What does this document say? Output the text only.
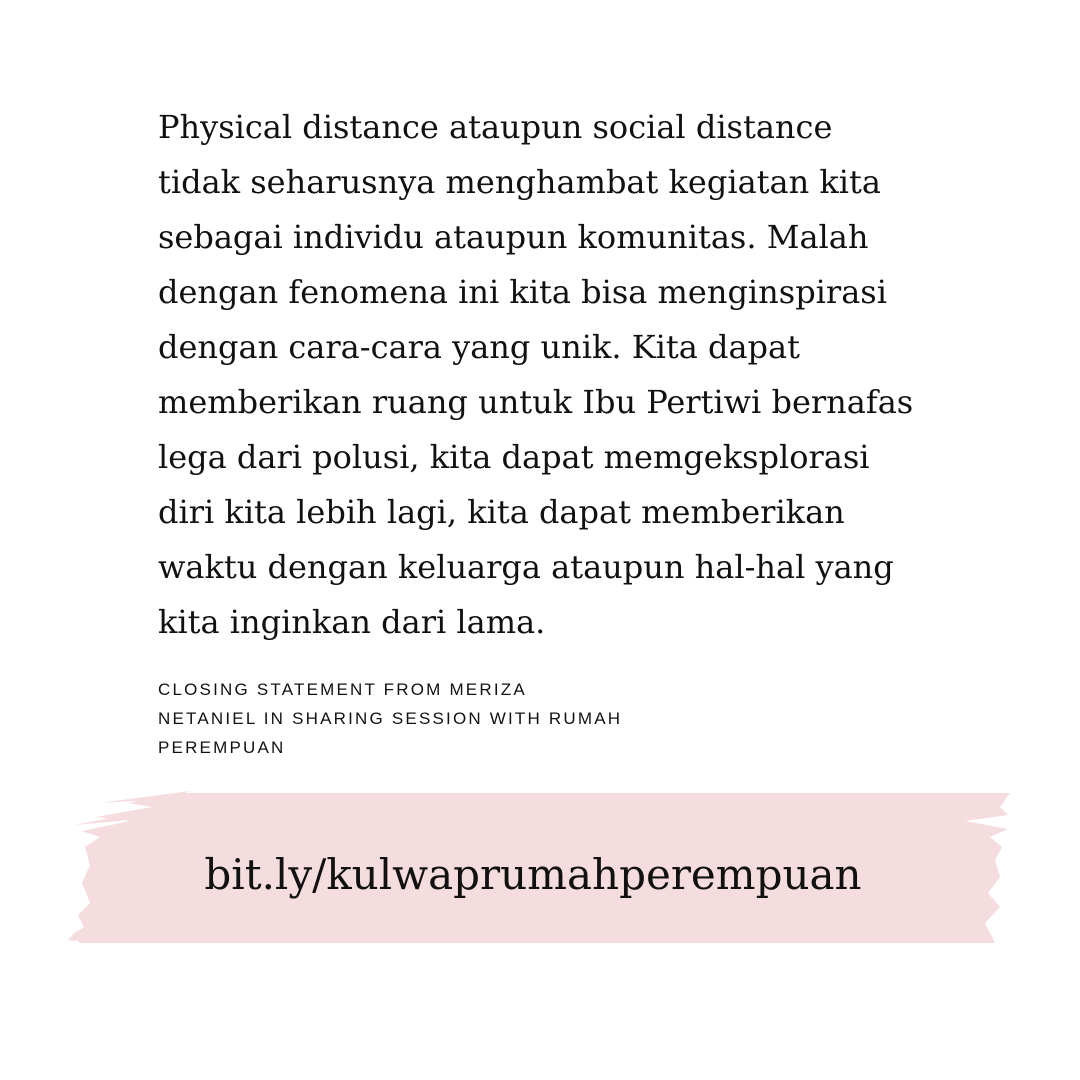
Physical distance ataupun social distance
tidak seharusnya menghambat kegiatan kita
sebagai individu ataupun komunitas. Malah
dengan fenomena ini kita bisa menginspirasi
dengan cara-cara yang unik. Kita dapat
memberikan ruang untuk Ibu Pertiwi bernafas
lega dari polusi, kita dapat memgeksplorasi
diri kita lebih lagi, kita dapat memberikan
waktu dengan keluarga ataupun hal-hal yang
kita inginkan dari lama.

CLOSING STATEMENT FROM MERIZA
NETANIEL IN SHARING SESSION WITH RUMAH
PEREMPUAN

bit.ly/kulwaprumahperempuan
